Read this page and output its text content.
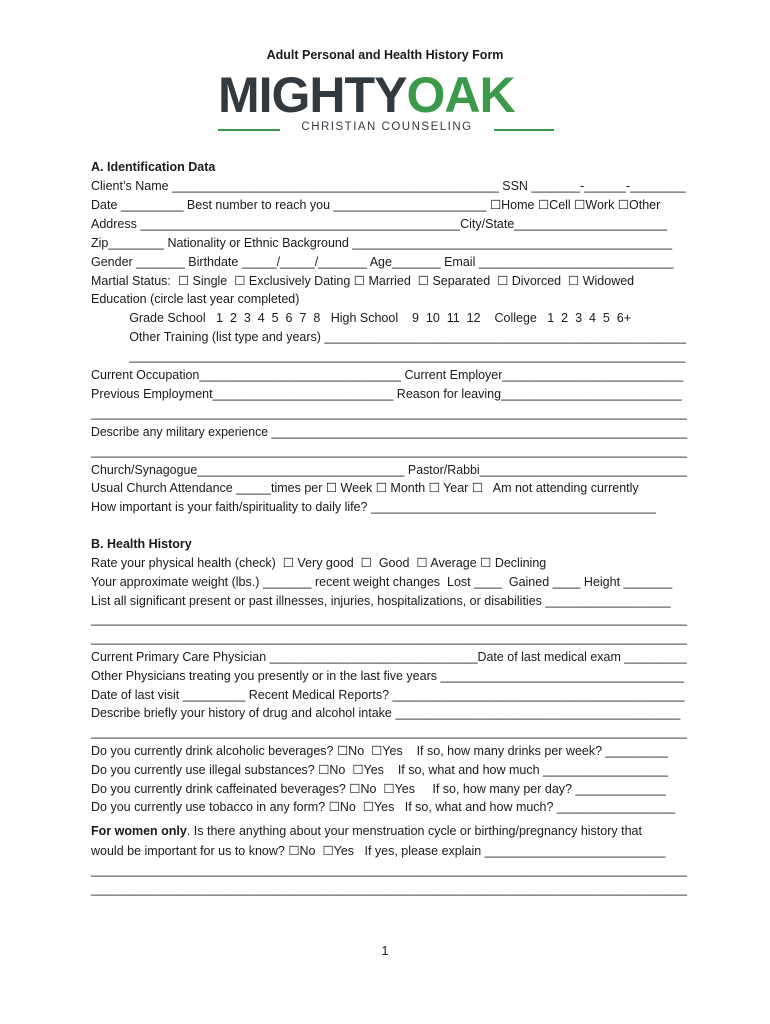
Adult Personal and Health History Form
MIGHTYOAK
CHRISTIAN COUNSELING
A. Identification Data
Client’s Name _______________________________________________ SSN _______-______-________
Date _________ Best number to reach you ______________________ ☐Home ☐Cell ☐Work ☐Other
Address ______________________________________________City/State______________________
Zip________ Nationality or Ethnic Background ______________________________________________
Gender _______ Birthdate _____/_____/_______ Age_______ Email ____________________________
Martial Status:  ☐ Single  ☐ Exclusively Dating ☐ Married  ☐ Separated  ☐ Divorced  ☐ Widowed
Education (circle last year completed)
Grade School   1  2  3  4  5  6  7  8   High School    9  10  11  12    College   1  2  3  4  5  6+
Other Training (list type and years) ____________________________________________________
________________________________________________________________________________
Current Occupation_____________________________ Current Employer__________________________
Previous Employment__________________________ Reason for leaving__________________________
______________________________________________________________________________________
Describe any military experience _____________________________________________________________
______________________________________________________________________________________
Church/Synagogue______________________________ Pastor/Rabbi______________________________
Usual Church Attendance _____times per ☐ Week ☐ Month ☐ Year ☐   Am not attending currently
How important is your faith/spirituality to daily life? _________________________________________
B. Health History
Rate your physical health (check)  ☐ Very good  ☐  Good  ☐ Average ☐ Declining
Your approximate weight (lbs.) _______ recent weight changes  Lost ____  Gained ____ Height _______
List all significant present or past illnesses, injuries, hospitalizations, or disabilities __________________
______________________________________________________________________________________
______________________________________________________________________________________
Current Primary Care Physician ______________________________Date of last medical exam _________
Other Physicians treating you presently or in the last five years ___________________________________
Date of last visit _________ Recent Medical Reports? __________________________________________
Describe briefly your history of drug and alcohol intake _________________________________________
______________________________________________________________________________________
Do you currently drink alcoholic beverages? ☐No  ☐Yes    If so, how many drinks per week? _________
Do you currently use illegal substances? ☐No  ☐Yes    If so, what and how much __________________
Do you currently drink caffeinated beverages? ☐No  ☐Yes     If so, how many per day? _____________
Do you currently use tobacco in any form? ☐No  ☐Yes   If so, what and how much? _________________
For women only. Is there anything about your menstruation cycle or birthing/pregnancy history that
would be important for us to know? ☐No  ☐Yes   If yes, please explain __________________________
______________________________________________________________________________________
______________________________________________________________________________________
1
